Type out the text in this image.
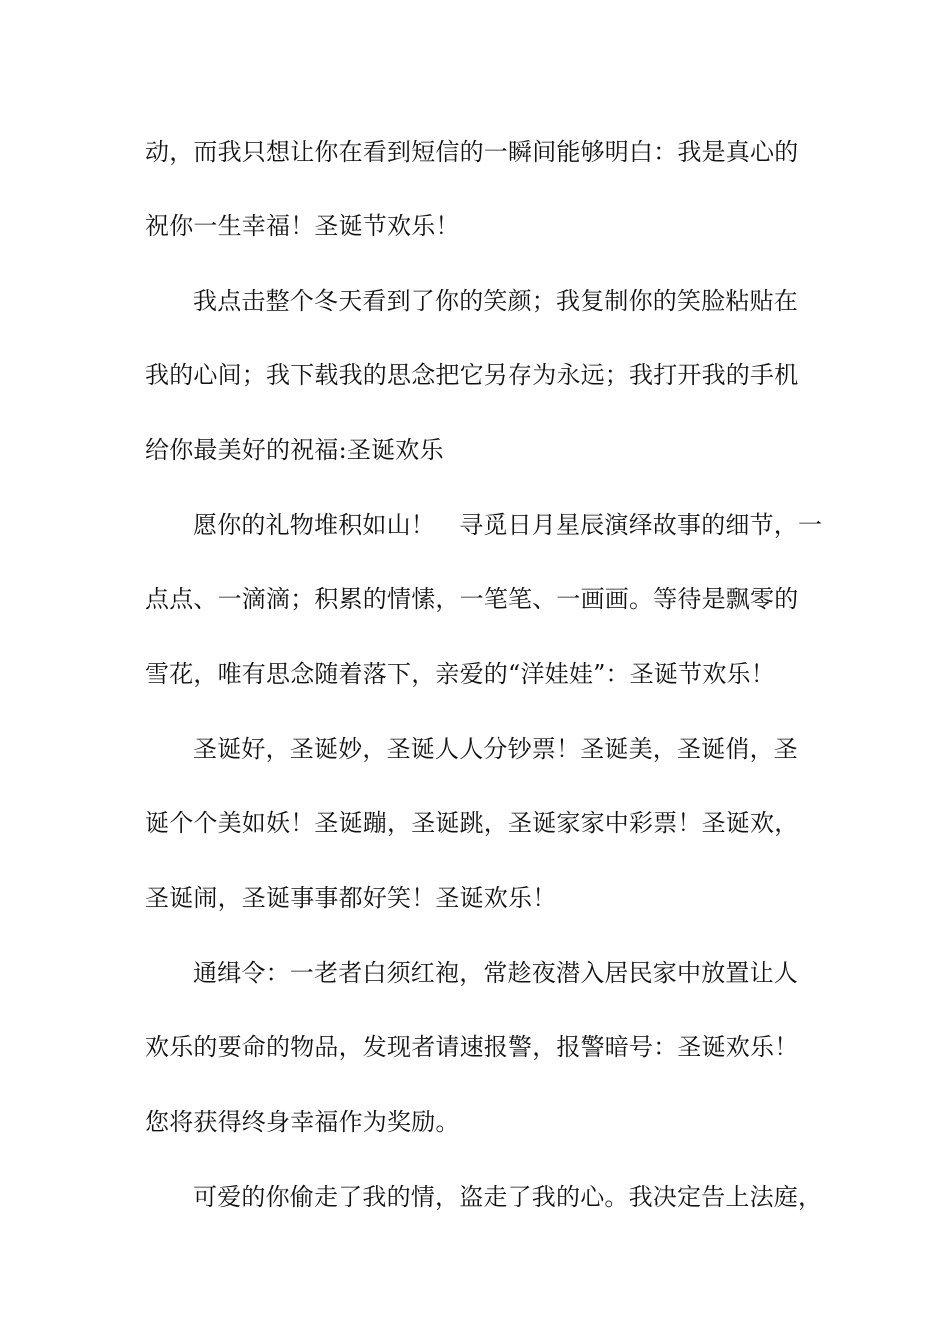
动，而我只想让你在看到短信的一瞬间能够明白：我是真心的
祝你一生幸福！圣诞节欢乐！
我点击整个冬天看到了你的笑颜；我复制你的笑脸粘贴在
我的心间；我下载我的思念把它另存为永远；我打开我的手机
给你最美好的祝福:圣诞欢乐
愿你的礼物堆积如山！　寻觅日月星辰演绎故事的细节，一
点点、一滴滴；积累的情愫，一笔笔、一画画。等待是飘零的
雪花，唯有思念随着落下，亲爱的“洋娃娃”：圣诞节欢乐！
圣诞好，圣诞妙，圣诞人人分钞票！圣诞美，圣诞俏，圣
诞个个美如妖！圣诞蹦，圣诞跳，圣诞家家中彩票！圣诞欢，
圣诞闹，圣诞事事都好笑！圣诞欢乐！
通缉令：一老者白须红袍，常趁夜潜入居民家中放置让人
欢乐的要命的物品，发现者请速报警，报警暗号：圣诞欢乐！
您将获得终身幸福作为奖励。
可爱的你偷走了我的情，盗走了我的心。我决定告上法庭，
